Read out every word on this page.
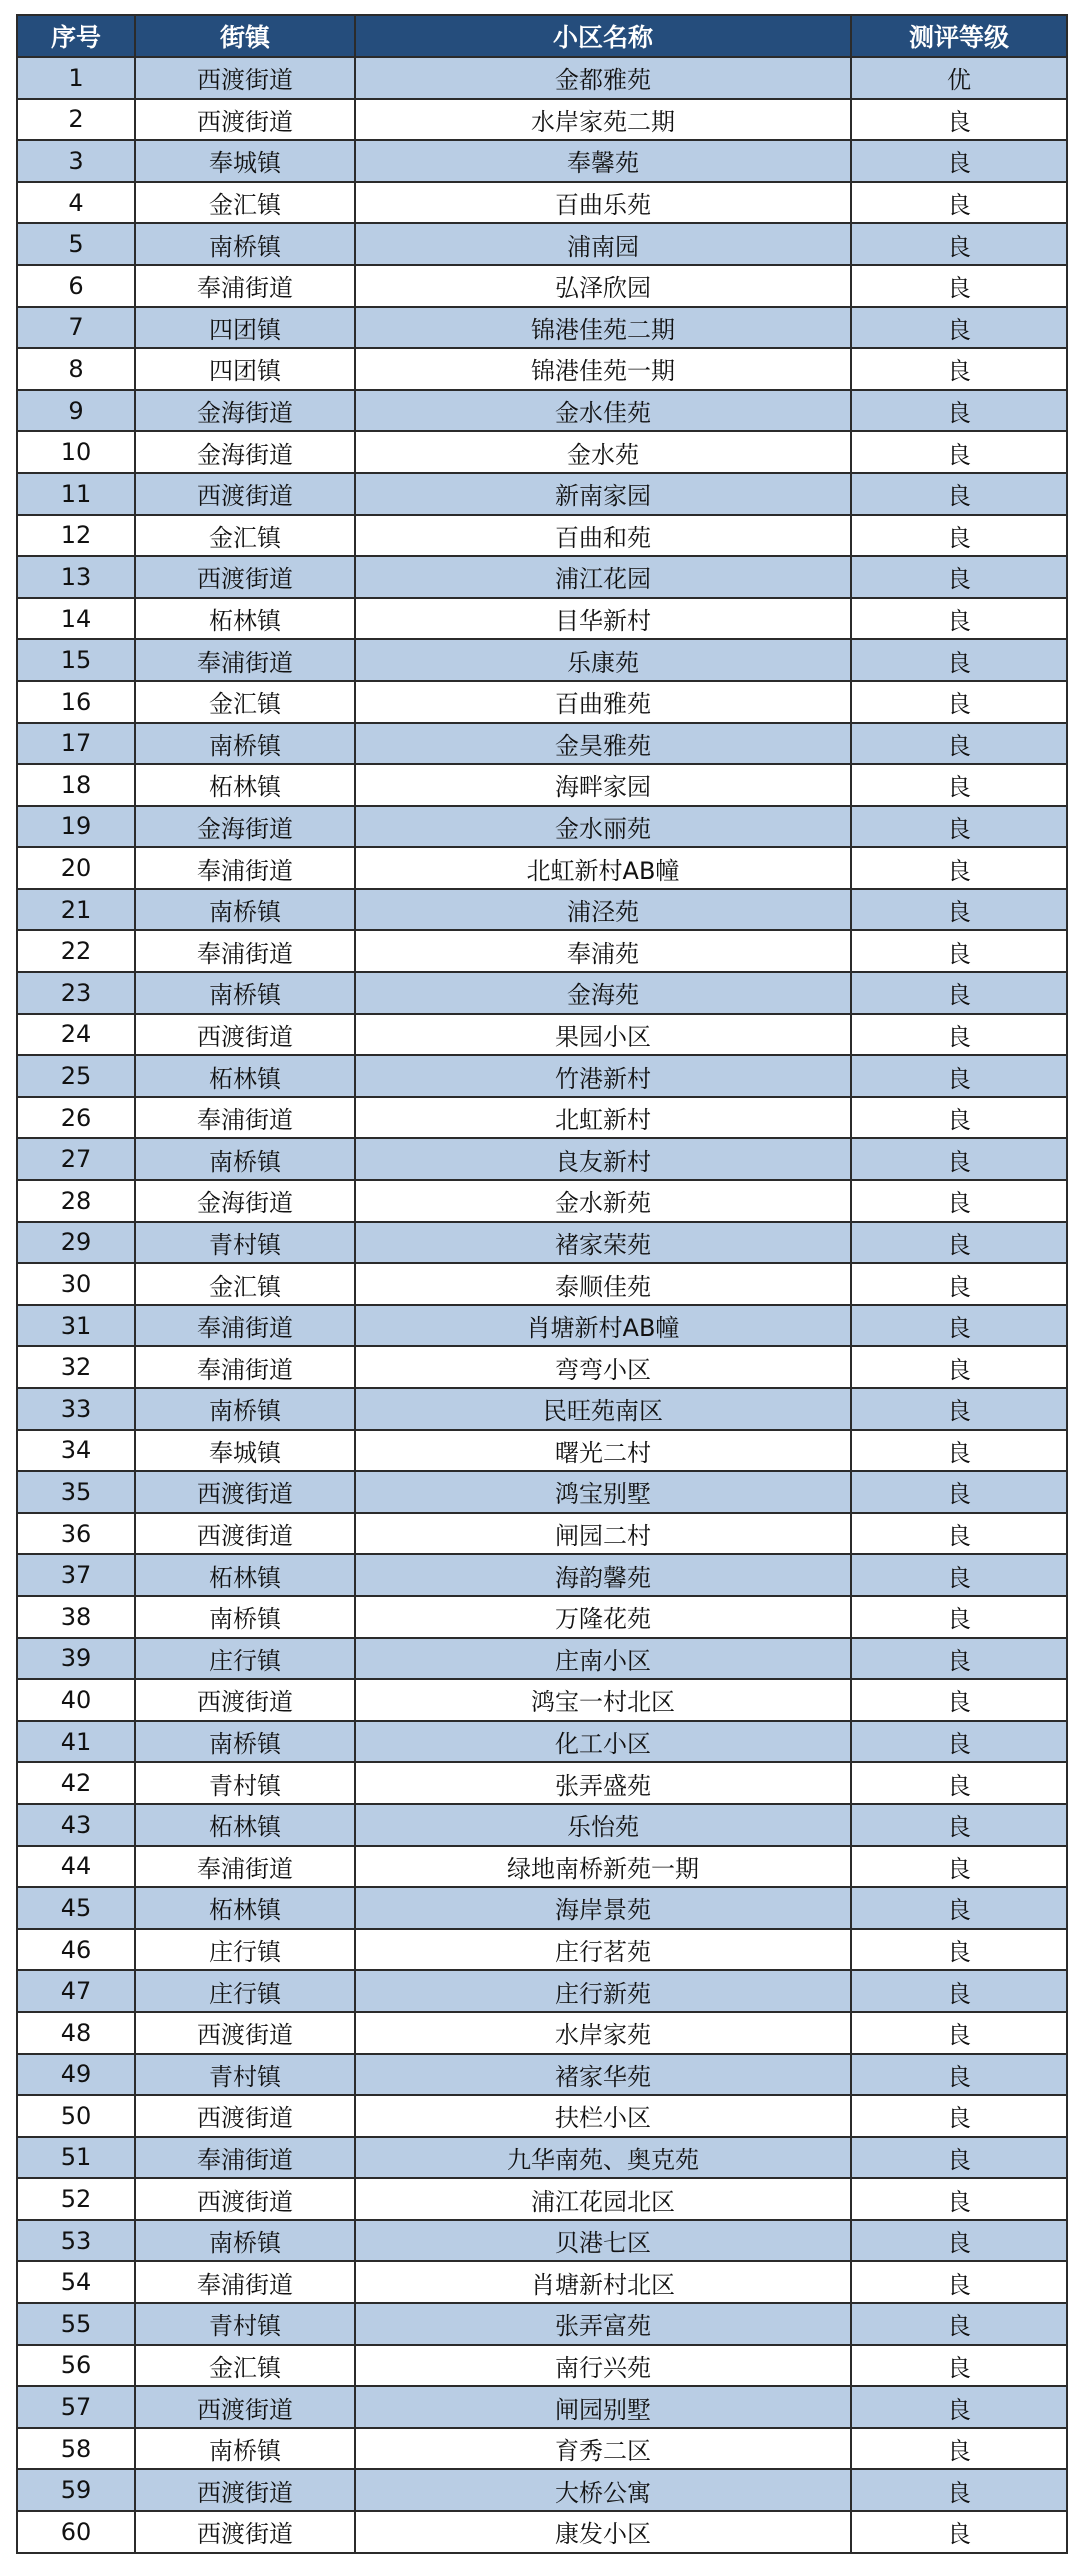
序号	街镇	小区名称	测评等级
1	西渡街道	金都雅苑	优
2	西渡街道	水岸家苑二期	良
3	奉城镇	奉馨苑	良
4	金汇镇	百曲乐苑	良
5	南桥镇	浦南园	良
6	奉浦街道	弘泽欣园	良
7	四团镇	锦港佳苑二期	良
8	四团镇	锦港佳苑一期	良
9	金海街道	金水佳苑	良
10	金海街道	金水苑	良
11	西渡街道	新南家园	良
12	金汇镇	百曲和苑	良
13	西渡街道	浦江花园	良
14	柘林镇	目华新村	良
15	奉浦街道	乐康苑	良
16	金汇镇	百曲雅苑	良
17	南桥镇	金昊雅苑	良
18	柘林镇	海畔家园	良
19	金海街道	金水丽苑	良
20	奉浦街道	北虹新村AB幢	良
21	南桥镇	浦泾苑	良
22	奉浦街道	奉浦苑	良
23	南桥镇	金海苑	良
24	西渡街道	果园小区	良
25	柘林镇	竹港新村	良
26	奉浦街道	北虹新村	良
27	南桥镇	良友新村	良
28	金海街道	金水新苑	良
29	青村镇	褚家荣苑	良
30	金汇镇	泰顺佳苑	良
31	奉浦街道	肖塘新村AB幢	良
32	奉浦街道	弯弯小区	良
33	南桥镇	民旺苑南区	良
34	奉城镇	曙光二村	良
35	西渡街道	鸿宝别墅	良
36	西渡街道	闸园二村	良
37	柘林镇	海韵馨苑	良
38	南桥镇	万隆花苑	良
39	庄行镇	庄南小区	良
40	西渡街道	鸿宝一村北区	良
41	南桥镇	化工小区	良
42	青村镇	张弄盛苑	良
43	柘林镇	乐怡苑	良
44	奉浦街道	绿地南桥新苑一期	良
45	柘林镇	海岸景苑	良
46	庄行镇	庄行茗苑	良
47	庄行镇	庄行新苑	良
48	西渡街道	水岸家苑	良
49	青村镇	褚家华苑	良
50	西渡街道	扶栏小区	良
51	奉浦街道	九华南苑、奥克苑	良
52	西渡街道	浦江花园北区	良
53	南桥镇	贝港七区	良
54	奉浦街道	肖塘新村北区	良
55	青村镇	张弄富苑	良
56	金汇镇	南行兴苑	良
57	西渡街道	闸园别墅	良
58	南桥镇	育秀二区	良
59	西渡街道	大桥公寓	良
60	西渡街道	康发小区	良
